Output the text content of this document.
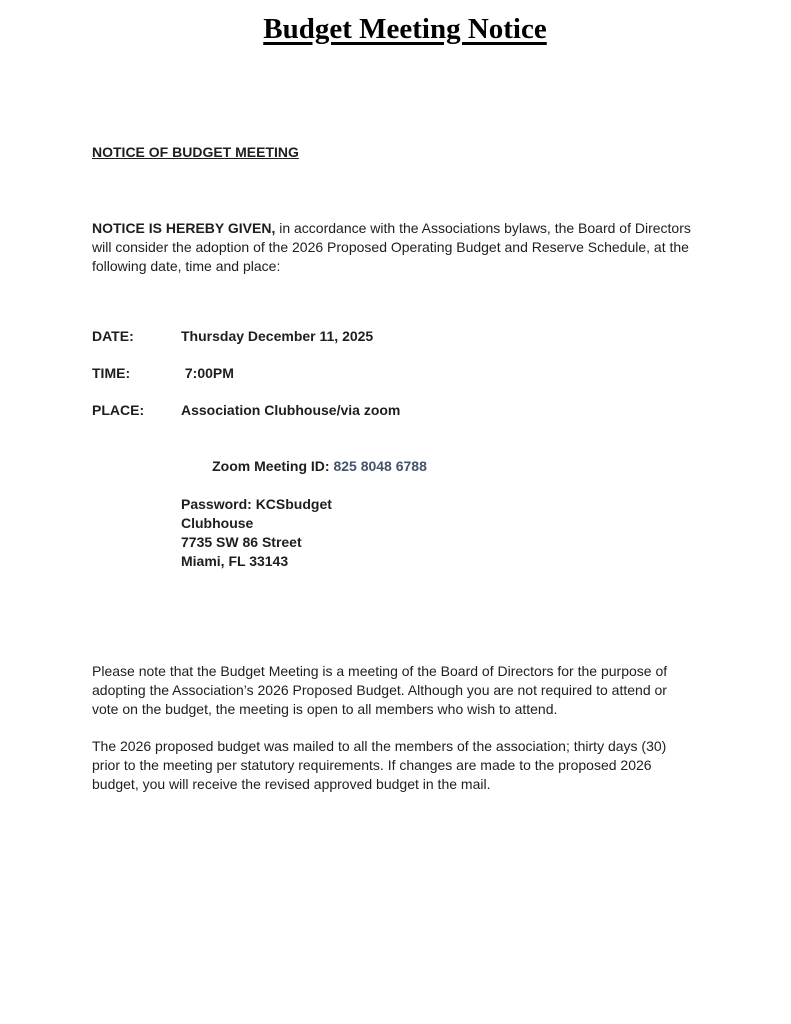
Budget Meeting Notice
NOTICE OF BUDGET MEETING

NOTICE IS HEREBY GIVEN, in accordance with the Associations bylaws, the Board of Directors
will consider the adoption of the 2026 Proposed Operating Budget and Reserve Schedule, at the
following date, time and place:

DATE:	Thursday December 11, 2025
TIME:	7:00PM
PLACE:	Association Clubhouse/via zoom

Zoom Meeting ID: 825 8048 6788

Password: KCSbudget
Clubhouse
7735 SW 86 Street
Miami, FL 33143

Please note that the Budget Meeting is a meeting of the Board of Directors for the purpose of
adopting the Association’s 2026 Proposed Budget. Although you are not required to attend or
vote on the budget, the meeting is open to all members who wish to attend.

The 2026 proposed budget was mailed to all the members of the association; thirty days (30)
prior to the meeting per statutory requirements. If changes are made to the proposed 2026
budget, you will receive the revised approved budget in the mail.
